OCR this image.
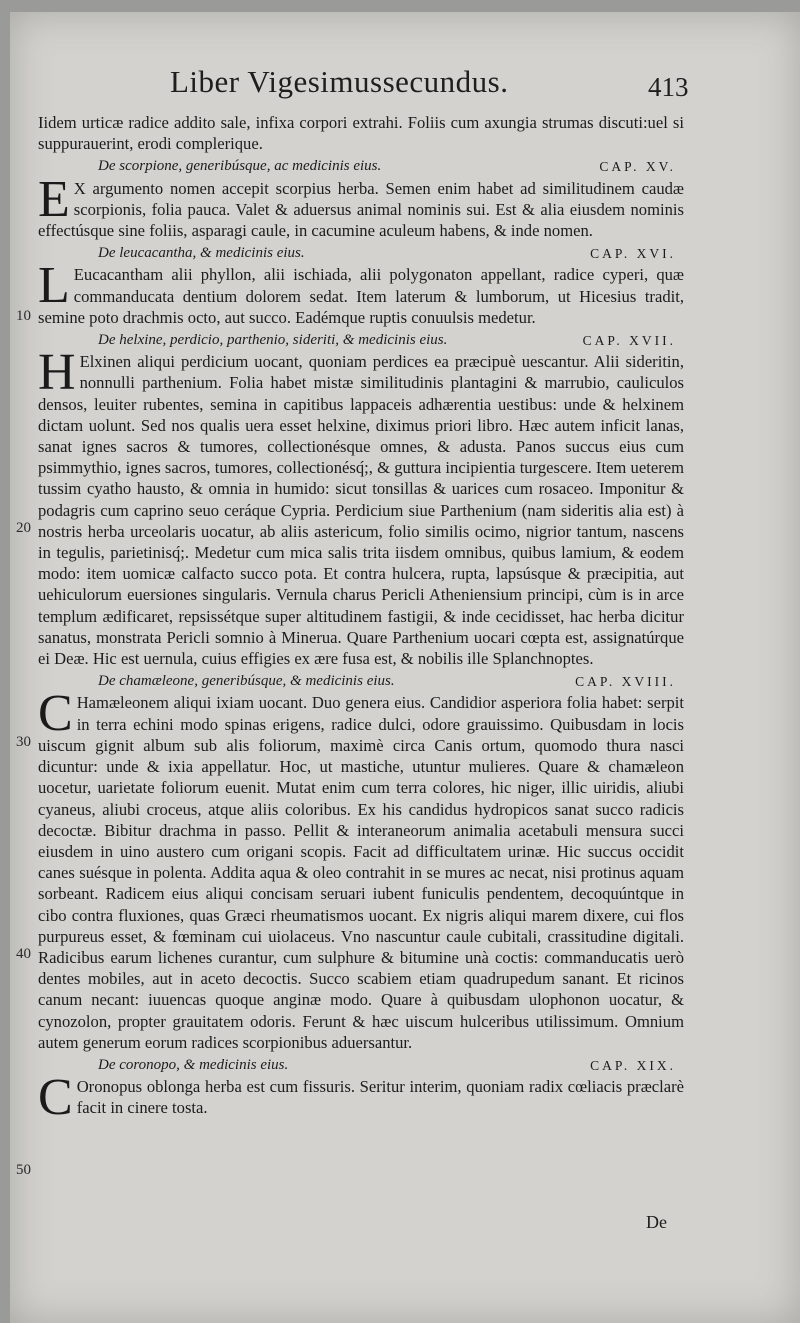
Liber Vigesimussecundus.	413
10
20
30
40
50

Iidem urticæ radice addito sale, infixa corpori extrahi. Foliis cum axungia strumas discuti:uel si suppurauerint, erodi complerique.

De scorpione, generibúsque, ac medicinis eius.	CAP. XV.

E X argumento nomen accepit scorpius herba. Semen enim habet ad similitudinem caudæ scorpionis, folia pauca. Valet & aduersus animal nominis sui. Est & alia eiusdem nominis effectúsque sine foliis, asparagi caule, in cacumine aculeum habens, & inde nomen.

De leucacantha, & medicinis eius.	CAP. XVI.

L Eucacantham alii phyllon, alii ischiada, alii polygonaton appellant, radice cyperi, quæ commanducata dentium dolorem sedat. Item laterum & lumborum, ut Hicesius tradit, semine poto drachmis octo, aut succo. Eadémque ruptis conuulsis medetur.

De helxine, perdicio, parthenio, sideriti, & medicinis eius.	CAP. XVII.

H Elxinen aliqui perdicium uocant, quoniam perdices ea præcipuè uescantur. Alii sideritin, nonnulli parthenium. Folia habet mistæ similitudinis plantagini & marrubio, cauliculos densos, leuiter rubentes, semina in capitibus lappaceis adhærentia uestibus: unde & helxinem dictam uolunt. Sed nos qualis uera esset helxine, diximus priori libro. Hæc autem inficit lanas, sanat ignes sacros & tumores, collectionésque omnes, & adusta. Panos succus eius cum psimmythio, ignes sacros, tumores, collectionésq́;, & guttura incipientia turgescere. Item ueterem tussim cyatho hausto, & omnia in humido: sicut tonsillas & uarices cum rosaceo. Imponitur & podagris cum caprino seuo ceráque Cypria. Perdicium siue Parthenium (nam sideritis alia est) à nostris herba urceolaris uocatur, ab aliis astericum, folio similis ocimo, nigrior tantum, nascens in tegulis, parietinisq́;. Medetur cum mica salis trita iisdem omnibus, quibus lamium, & eodem modo: item uomicæ calfacto succo pota. Et contra hulcera, rupta, lapsúsque & præcipitia, aut uehiculorum euersiones singularis. Vernula charus Pericli Atheniensium principi, cùm is in arce templum ædificaret, repsissétque super altitudinem fastigii, & inde cecidisset, hac herba dicitur sanatus, monstrata Pericli somnio à Minerua. Quare Parthenium uocari cœpta est, assignatúrque ei Deæ. Hic est uernula, cuius effigies ex ære fusa est, & nobilis ille Splanchnoptes.

De chamæleone, generibúsque, & medicinis eius.	CAP. XVIII.

C Hamæleonem aliqui ixiam uocant. Duo genera eius. Candidior asperiora folia habet: serpit in terra echini modo spinas erigens, radice dulci, odore grauissimo. Quibusdam in locis uiscum gignit album sub alis foliorum, maximè circa Canis ortum, quomodo thura nasci dicuntur: unde & ixia appellatur. Hoc, ut mastiche, utuntur mulieres. Quare & chamæleon uocetur, uarietate foliorum euenit. Mutat enim cum terra colores, hic niger, illic uiridis, aliubi cyaneus, aliubi croceus, atque aliis coloribus. Ex his candidus hydropicos sanat succo radicis decoctæ. Bibitur drachma in passo. Pellit & interaneorum animalia acetabuli mensura succi eiusdem in uino austero cum origani scopis. Facit ad difficultatem urinæ. Hic succus occidit canes suésque in polenta. Addita aqua & oleo contrahit in se mures ac necat, nisi protinus aquam sorbeant. Radicem eius aliqui concisam seruari iubent funiculis pendentem, decoquúntque in cibo contra fluxiones, quas Græci rheumatismos uocant. Ex nigris aliqui marem dixere, cui flos purpureus esset, & fœminam cui uiolaceus. Vno nascuntur caule cubitali, crassitudine digitali. Radicibus earum lichenes curantur, cum sulphure & bitumine unà coctis: commanducatis uerò dentes mobiles, aut in aceto decoctis. Succo scabiem etiam quadrupedum sanant. Et ricinos canum necant: iuuencas quoque anginæ modo. Quare à quibusdam ulophonon uocatur, & cynozolon, propter grauitatem odoris. Ferunt & hæc uiscum hulceribus utilissimum. Omnium autem generum eorum radices scorpionibus aduersantur.

De coronopo, & medicinis eius.	CAP. XIX.

C Oronopus oblonga herba est cum fissuris. Seritur interim, quoniam radix cœliacis præclarè facit in cinere tosta.

De
